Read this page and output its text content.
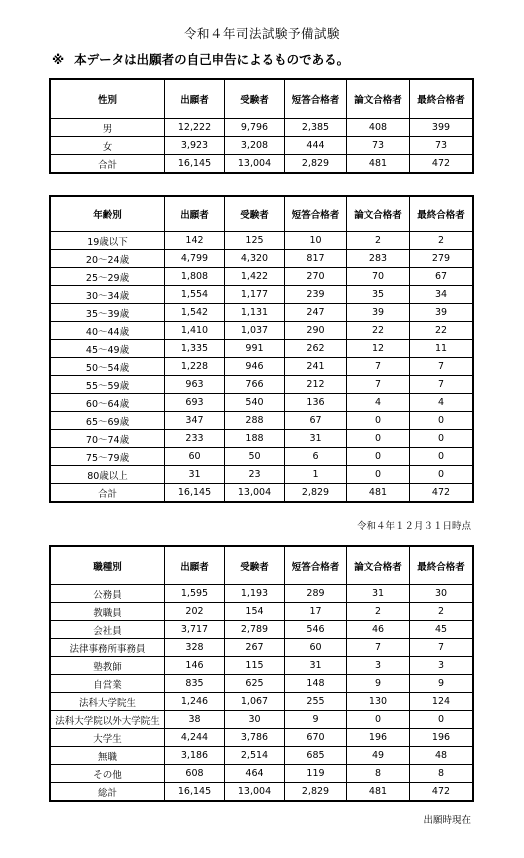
令和４年司法試験予備試験
※ 本データは出願者の自己申告によるものである。
性別	出願者	受験者	短答合格者	論文合格者	最終合格者
男	12,222	9,796	2,385	408	399
女	3,923	3,208	444	73	73
合計	16,145	13,004	2,829	481	472
年齢別	出願者	受験者	短答合格者	論文合格者	最終合格者
19歳以下	142	125	10	2	2
20～24歳	4,799	4,320	817	283	279
25～29歳	1,808	1,422	270	70	67
30～34歳	1,554	1,177	239	35	34
35～39歳	1,542	1,131	247	39	39
40～44歳	1,410	1,037	290	22	22
45～49歳	1,335	991	262	12	11
50～54歳	1,228	946	241	7	7
55～59歳	963	766	212	7	7
60～64歳	693	540	136	4	4
65～69歳	347	288	67	0	0
70～74歳	233	188	31	0	0
75～79歳	60	50	6	0	0
80歳以上	31	23	1	0	0
合計	16,145	13,004	2,829	481	472
令和４年１２月３１日時点
職種別	出願者	受験者	短答合格者	論文合格者	最終合格者
公務員	1,595	1,193	289	31	30
教職員	202	154	17	2	2
会社員	3,717	2,789	546	46	45
法律事務所事務員	328	267	60	7	7
塾教師	146	115	31	3	3
自営業	835	625	148	9	9
法科大学院生	1,246	1,067	255	130	124
法科大学院以外大学院生	38	30	9	0	0
大学生	4,244	3,786	670	196	196
無職	3,186	2,514	685	49	48
その他	608	464	119	8	8
総計	16,145	13,004	2,829	481	472
出願時現在
